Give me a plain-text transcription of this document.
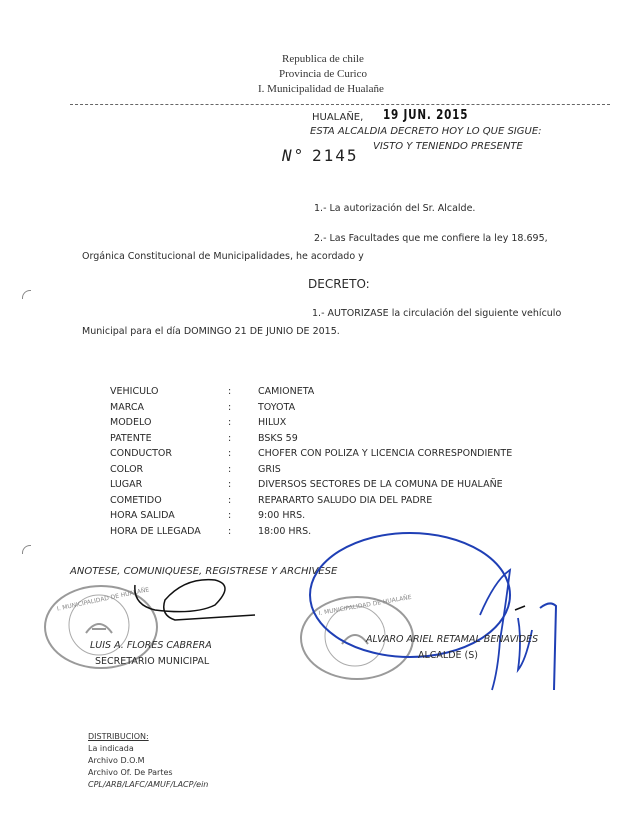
Republica de chile
Provincia de Curico
I. Municipalidad de Hualañe
HUALAÑE, 19 JUN. 2015
ESTA ALCALDIA DECRETO HOY LO QUE SIGUE:
VISTO Y TENIENDO PRESENTE
N° 2145
1.- La autorización del Sr. Alcalde.
2.- Las Facultades que me confiere la ley 18.695,
Orgánica Constitucional de Municipalidades, he acordado y
DECRETO:
1.- AUTORIZASE la circulación del siguiente vehículo
Municipal para el día DOMINGO 21 DE JUNIO DE 2015.
VEHICULO	:	CAMIONETA
MARCA	:	TOYOTA
MODELO	:	HILUX
PATENTE	:	BSKS 59
CONDUCTOR	:	CHOFER CON POLIZA Y LICENCIA CORRESPONDIENTE
COLOR	:	GRIS
LUGAR	:	DIVERSOS SECTORES DE LA COMUNA DE HUALAÑE
COMETIDO	:	REPARARTO SALUDO DIA DEL PADRE
HORA SALIDA	:	9:00 HRS.
HORA DE LLEGADA	:	18:00 HRS.
ANOTESE, COMUNIQUESE, REGISTRESE Y ARCHIVESE
I. MUNICIPALIDAD DE HUALAÑE
LUIS A. FLORES CABRERA
SECRETARIO MUNICIPAL
I. MUNICIPALIDAD DE HUALAÑE
ALVARO ARIEL RETAMAL BENAVIDES
ALCALDE (S)
DISTRIBUCION:
La indicada
Archivo D.O.M
Archivo Of. De Partes
CPL/ARB/LAFC/AMUF/LACP/ein
